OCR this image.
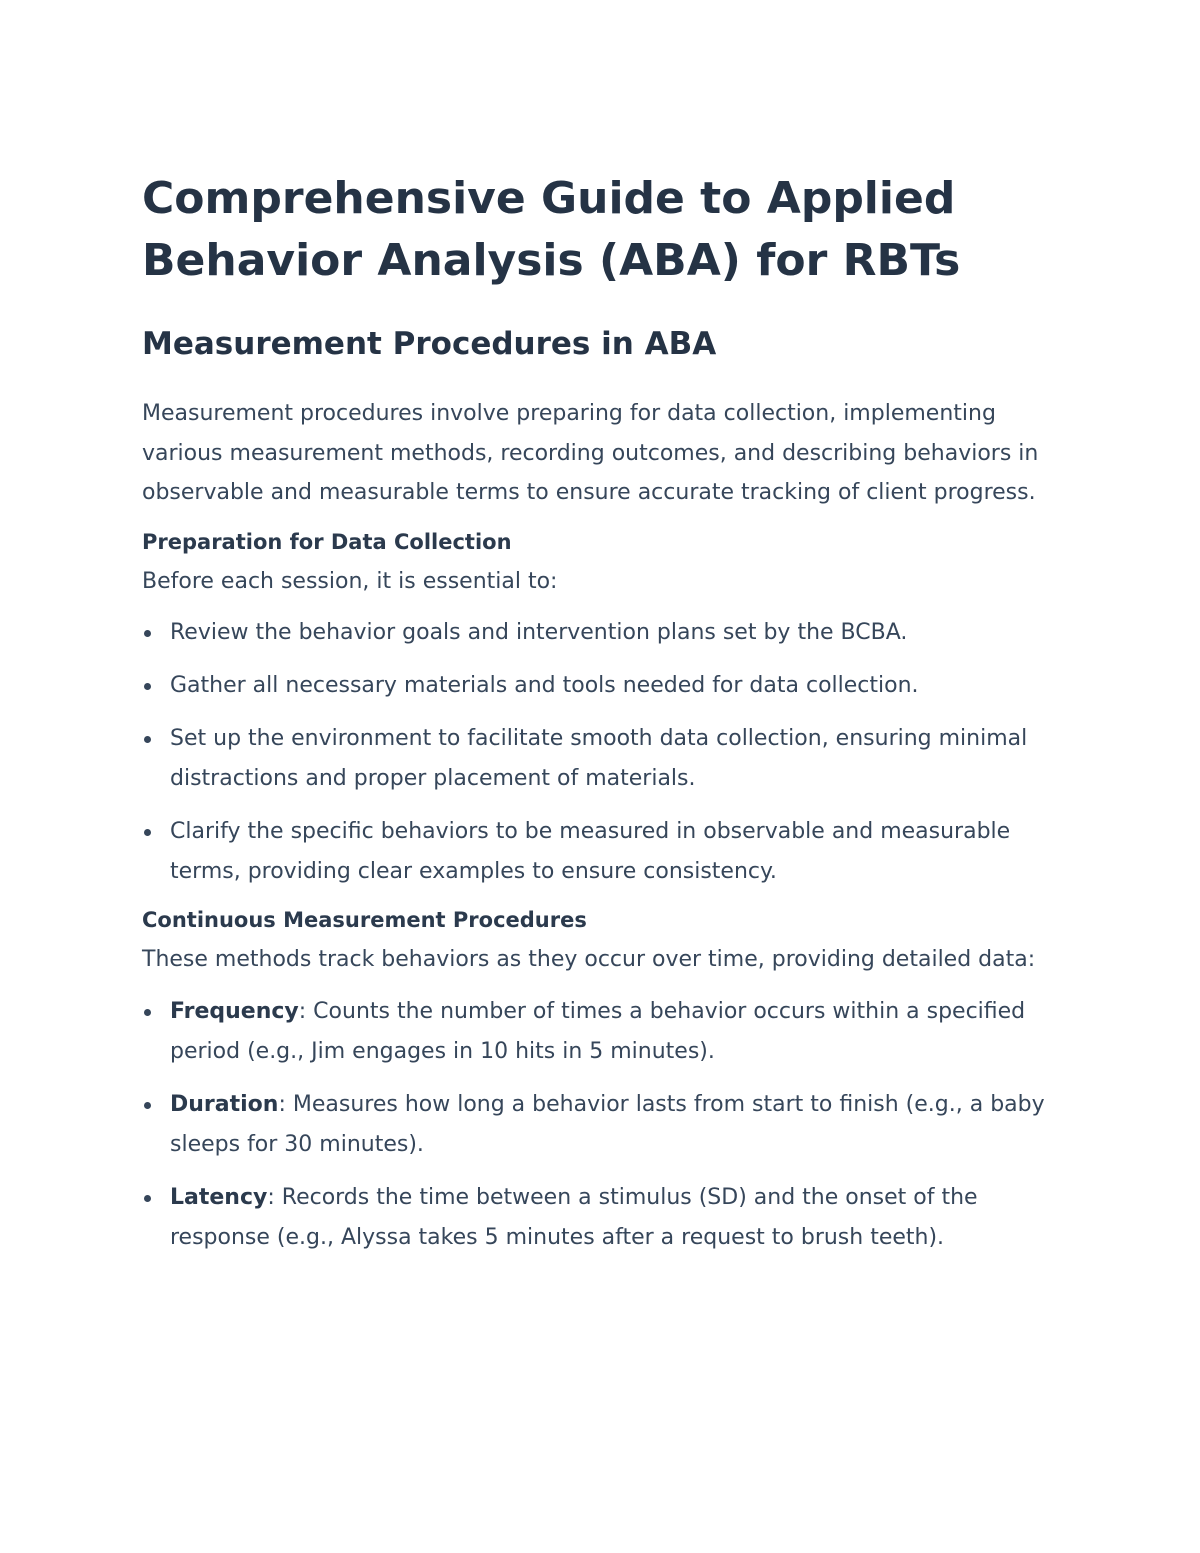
Comprehensive Guide to Applied Behavior Analysis (ABA) for RBTs
Measurement Procedures in ABA

Measurement procedures involve preparing for data collection, implementing various measurement methods, recording outcomes, and describing behaviors in observable and measurable terms to ensure accurate tracking of client progress.

Preparation for Data Collection

Before each session, it is essential to:

Review the behavior goals and intervention plans set by the BCBA.
Gather all necessary materials and tools needed for data collection.
Set up the environment to facilitate smooth data collection, ensuring minimal distractions and proper placement of materials.
Clarify the specific behaviors to be measured in observable and measurable terms, providing clear examples to ensure consistency.
Continuous Measurement Procedures

These methods track behaviors as they occur over time, providing detailed data:

Frequency: Counts the number of times a behavior occurs within a specified period (e.g., Jim engages in 10 hits in 5 minutes).
Duration: Measures how long a behavior lasts from start to finish (e.g., a baby sleeps for 30 minutes).
Latency: Records the time between a stimulus (SD) and the onset of the response (e.g., Alyssa takes 5 minutes after a request to brush teeth).
